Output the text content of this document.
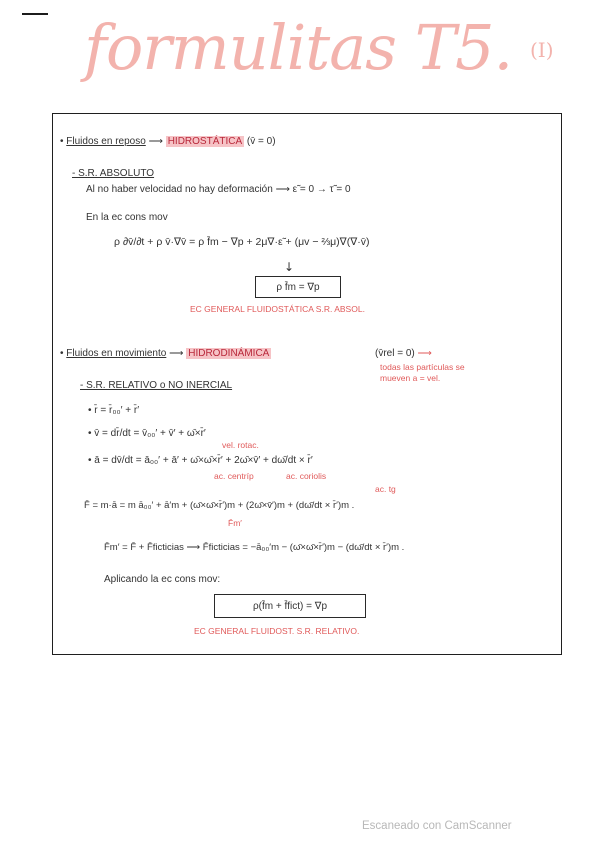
formulitas T5. (I)
• Fluidos en reposo ⟶ HIDROSTÁTICA (v̄ = 0)
- S.R. ABSOLUTO
Al no haber velocidad no hay deformación ⟶ ε̃ = 0 → τ̃ = 0
En la ec cons mov
ρ ∂v̄/∂t + ρ v̄·∇v̄ = ρ f̄m − ∇p + 2μ∇·ε̃ + (μv − ⅔μ)∇(∇·v̄)
↓
ρ f̄m = ∇p
EC GENERAL FLUIDOSTÁTICA S.R. ABSOL.
• Fluidos en movimiento ⟶ HIDRODINÁMICA	(v̄rel = 0) ⟶
todas las partículas se
mueven a = vel.
- S.R. RELATIVO o NO INERCIAL
• r̄ = r̄₀₀′ + r̄′
• v̄ = dr̄/dt = v̄₀₀′ + v̄′ + ω̄×r̄′
vel. rotac.
• ā = dv̄/dt = ā₀₀′ + ā′ + ω̄×ω̄×r̄′ + 2ω̄×v̄′ + dω̄/dt × r̄′
ac. centríp	ac. coriolis
ac. tg
F̄ = m·ā = m ā₀₀′ + ā′m + (ω̄×ω̄×r̄′)m + (2ω̄×v̄′)m + (dω̄/dt × r̄′)m .
F̄m′
F̄m′ = F̄ + F̄ficticias ⟶ F̄ficticias = −ā₀₀′m − (ω̄×ω̄×r̄′)m − (dω̄/dt × r̄′)m .
Aplicando la ec cons mov:
ρ(f̄m + f̄fict) = ∇p
EC GENERAL FLUIDOST. S.R. RELATIVO.
Escaneado con CamScanner
